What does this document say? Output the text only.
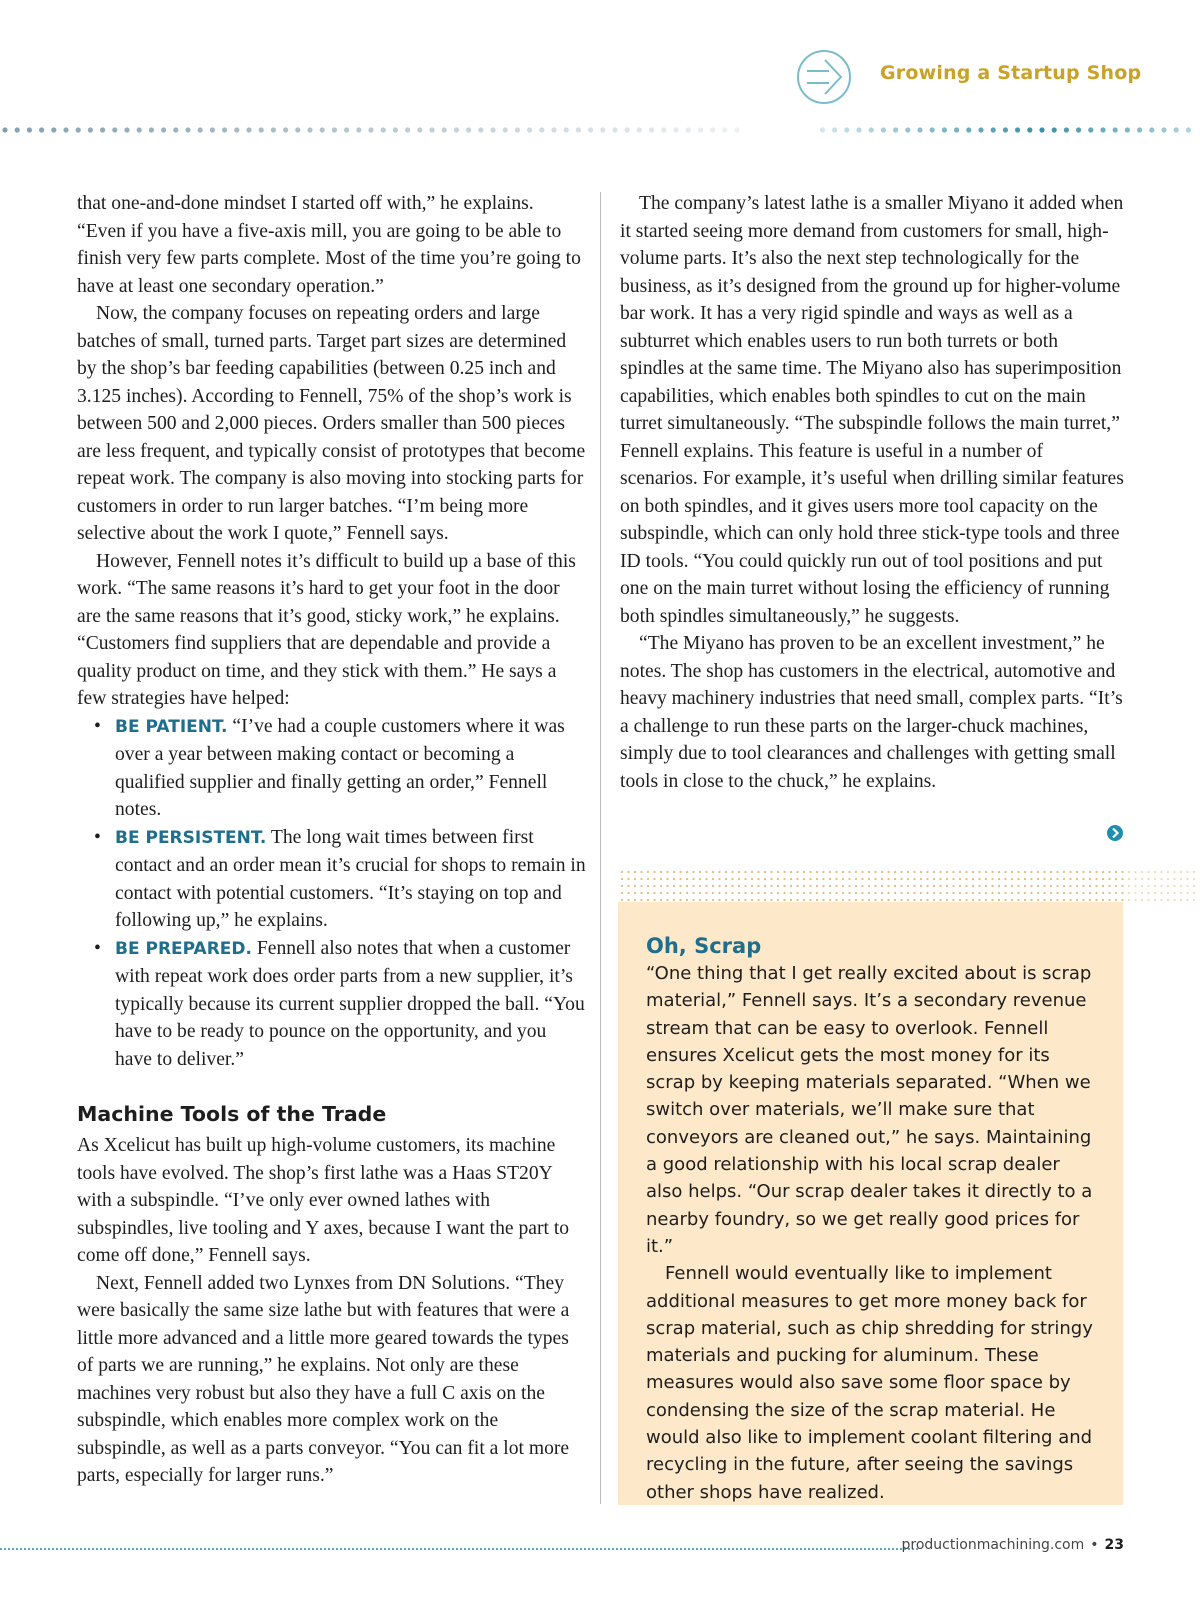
Growing a Startup Shop

that one-and-done mindset I started off with,” he explains. “Even if you have a five-axis mill, you are going to be able to finish very few parts complete. Most of the time you’re going to have at least one secondary operation.”

Now, the company focuses on repeating orders and large batches of small, turned parts. Target part sizes are determined by the shop’s bar feeding capabilities (between 0.25 inch and 3.125 inches). According to Fennell, 75% of the shop’s work is between 500 and 2,000 pieces. Orders smaller than 500 pieces are less frequent, and typically consist of prototypes that become repeat work. The company is also moving into stocking parts for customers in order to run larger batches. “I’m being more selective about the work I quote,” Fennell says.

However, Fennell notes it’s difficult to build up a base of this work. “The same reasons it’s hard to get your foot in the door are the same reasons that it’s good, sticky work,” he explains. “Customers find suppliers that are dependable and provide a quality product on time, and they stick with them.” He says a few strategies have helped:

• BE PATIENT. “I’ve had a couple customers where it was over a year between making contact or becoming a qualified supplier and finally getting an order,” Fennell notes.
• BE PERSISTENT. The long wait times between first contact and an order mean it’s crucial for shops to remain in contact with potential customers. “It’s staying on top and following up,” he explains.
• BE PREPARED. Fennell also notes that when a customer with repeat work does order parts from a new supplier, it’s typically because its current supplier dropped the ball. “You have to be ready to pounce on the opportunity, and you have to deliver.”
Machine Tools of the Trade

As Xcelicut has built up high-volume customers, its machine tools have evolved. The shop’s first lathe was a Haas ST20Y with a subspindle. “I’ve only ever owned lathes with subspindles, live tooling and Y axes, because I want the part to come off done,” Fennell says.

Next, Fennell added two Lynxes from DN Solutions. “They were basically the same size lathe but with features that were a little more advanced and a little more geared towards the types of parts we are running,” he explains. Not only are these machines very robust but also they have a full C axis on the subspindle, which enables more complex work on the subspindle, as well as a parts conveyor. “You can fit a lot more parts, especially for larger runs.”

The company’s latest lathe is a smaller Miyano it added when it started seeing more demand from customers for small, high-volume parts. It’s also the next step technologically for the business, as it’s designed from the ground up for higher-volume bar work. It has a very rigid spindle and ways as well as a subturret which enables users to run both turrets or both spindles at the same time. The Miyano also has superimposition capabilities, which enables both spindles to cut on the main turret simultaneously. “The subspindle follows the main turret,” Fennell explains. This feature is useful in a number of scenarios. For example, it’s useful when drilling similar features on both spindles, and it gives users more tool capacity on the subspindle, which can only hold three stick-type tools and three ID tools. “You could quickly run out of tool positions and put one on the main turret without losing the efficiency of running both spindles simultaneously,” he suggests.

“The Miyano has proven to be an excellent investment,” he notes. The shop has customers in the electrical, automotive and heavy machinery industries that need small, complex parts. “It’s a challenge to run these parts on the larger-chuck machines, simply due to tool clearances and challenges with getting small tools in close to the chuck,” he explains.

Oh, Scrap

“One thing that I get really excited about is scrap material,” Fennell says. It’s a secondary revenue stream that can be easy to overlook. Fennell ensures Xcelicut gets the most money for its scrap by keeping materials separated. “When we switch over materials, we’ll make sure that conveyors are cleaned out,” he says. Maintaining a good relationship with his local scrap dealer also helps. “Our scrap dealer takes it directly to a nearby foundry, so we get really good prices for it.”

Fennell would eventually like to implement additional measures to get more money back for scrap material, such as chip shredding for stringy materials and pucking for aluminum. These measures would also save some floor space by condensing the size of the scrap material. He would also like to implement coolant filtering and recycling in the future, after seeing the savings other shops have realized.

productionmachining.com • 23
